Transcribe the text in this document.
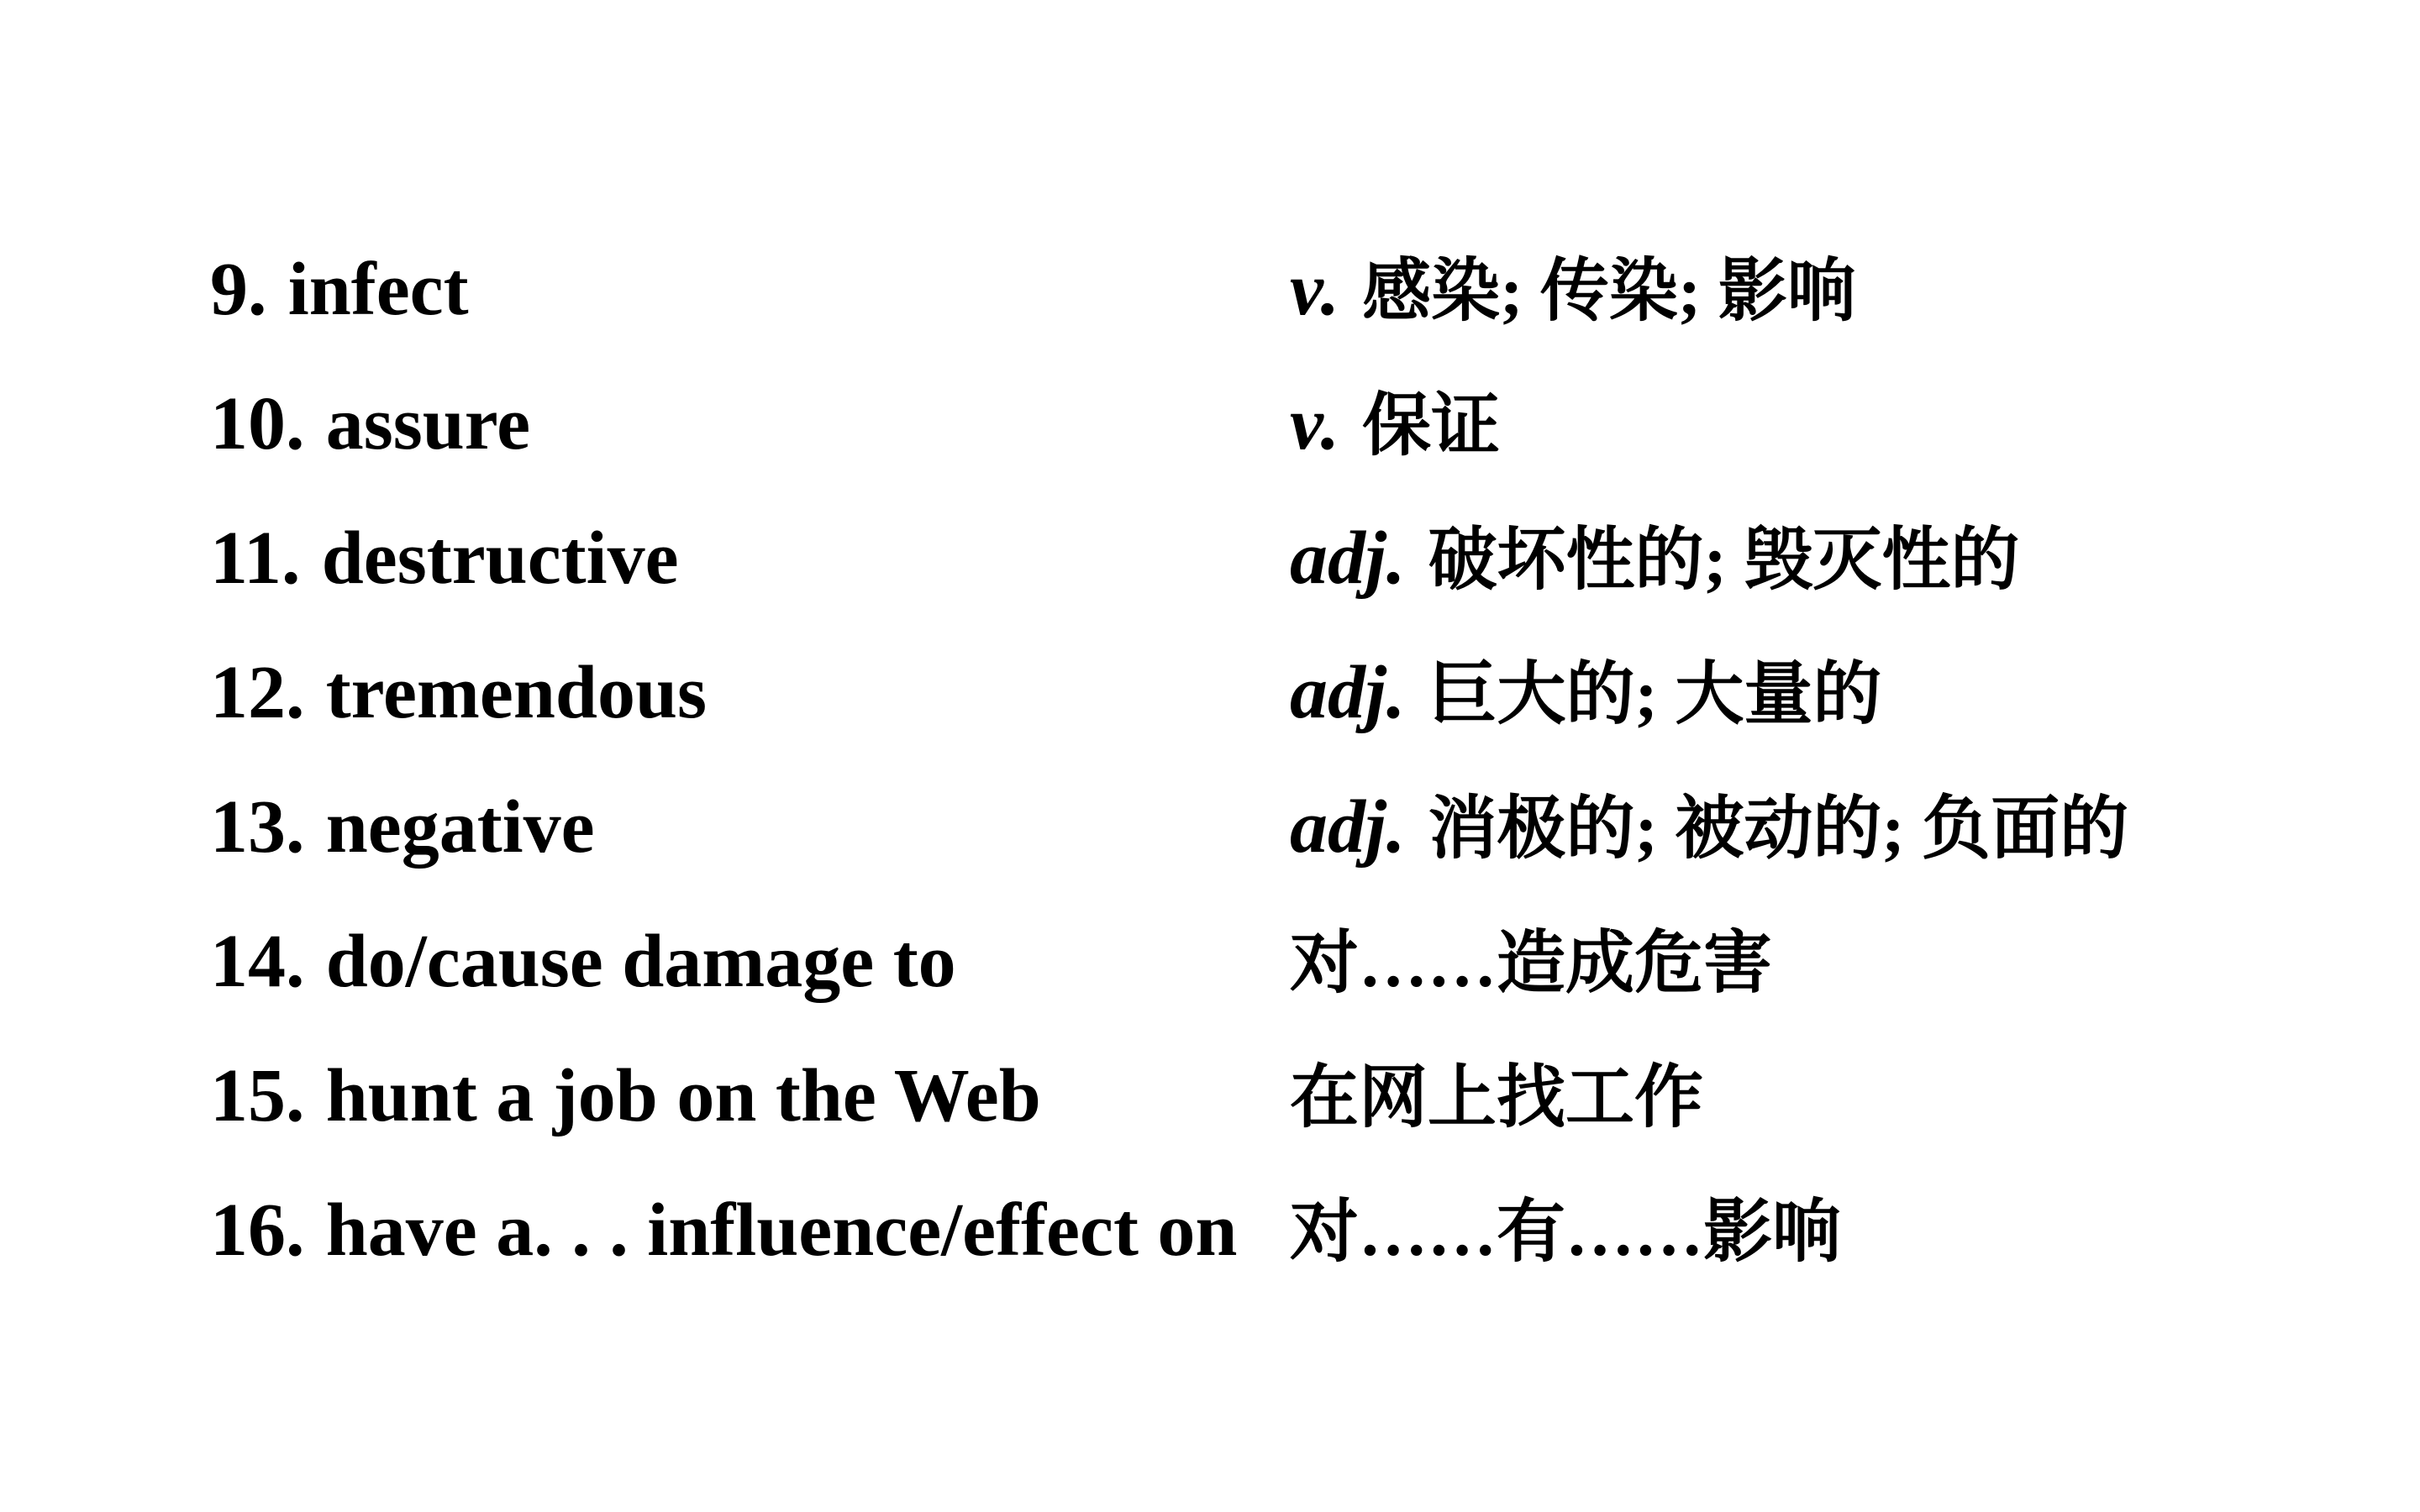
9. infect	v. 感染; 传染; 影响
10. assure	v. 保证
11. destructive	adj. 破坏性的; 毁灭性的
12. tremendous	adj. 巨大的; 大量的
13. negative	adj. 消极的; 被动的; 负面的
14. do/cause damage to	对……造成危害
15. hunt a job on the Web	在网上找工作
16. have a. . . influence/effect on 对……有……影响
